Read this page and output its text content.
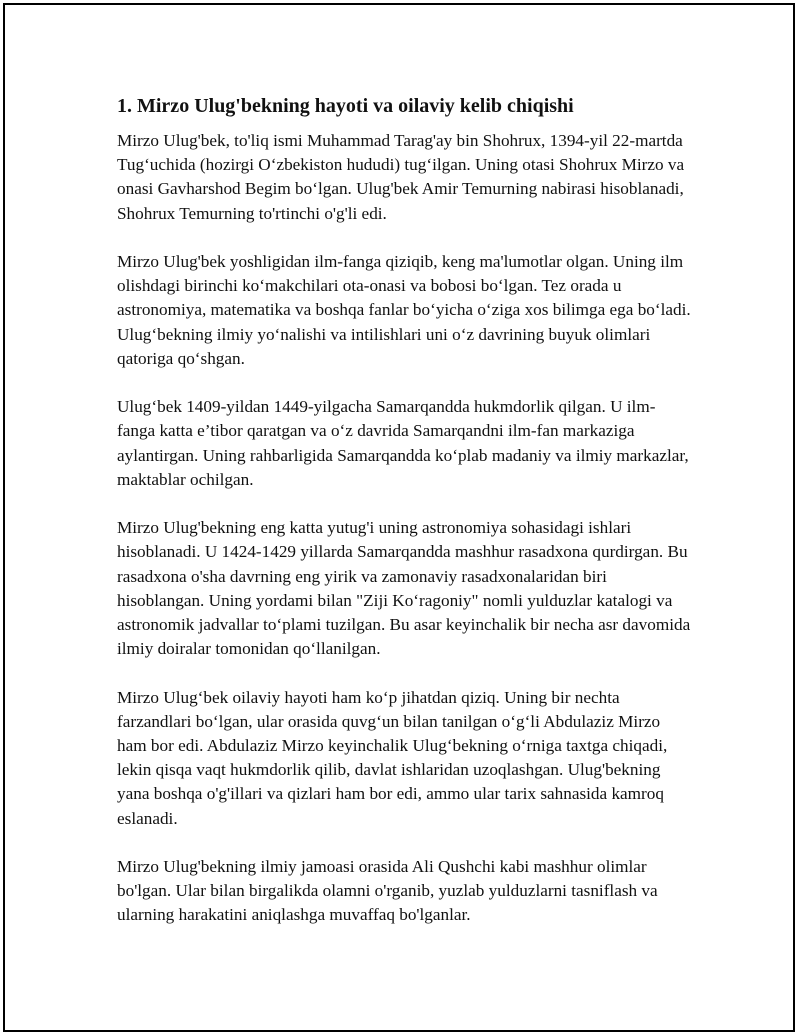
1. Mirzo Ulug'bekning hayoti va oilaviy kelib chiqishi

Mirzo Ulug'bek, to'liq ismi Muhammad Tarag'ay bin Shohrux, 1394-yil 22-martda Tug‘uchida (hozirgi O‘zbekiston hududi) tug‘ilgan. Uning otasi Shohrux Mirzo va onasi Gavharshod Begim bo‘lgan. Ulug'bek Amir Temurning nabirasi hisoblanadi, Shohrux Temurning to'rtinchi o'g'li edi.

Mirzo Ulug'bek yoshligidan ilm-fanga qiziqib, keng ma'lumotlar olgan. Uning ilm olishdagi birinchi ko‘makchilari ota-onasi va bobosi bo‘lgan. Tez orada u astronomiya, matematika va boshqa fanlar bo‘yicha o‘ziga xos bilimga ega bo‘ladi. Ulug‘bekning ilmiy yo‘nalishi va intilishlari uni o‘z davrining buyuk olimlari qatoriga qo‘shgan.

Ulug‘bek 1409-yildan 1449-yilgacha Samarqandda hukmdorlik qilgan. U ilm-fanga katta e’tibor qaratgan va o‘z davrida Samarqandni ilm-fan markaziga aylantirgan. Uning rahbarligida Samarqandda ko‘plab madaniy va ilmiy markazlar, maktablar ochilgan.

Mirzo Ulug'bekning eng katta yutug'i uning astronomiya sohasidagi ishlari hisoblanadi. U 1424-1429 yillarda Samarqandda mashhur rasadxona qurdirgan. Bu rasadxona o'sha davrning eng yirik va zamonaviy rasadxonalaridan biri hisoblangan. Uning yordami bilan "Ziji Ko‘ragoniy" nomli yulduzlar katalogi va astronomik jadvallar to‘plami tuzilgan. Bu asar keyinchalik bir necha asr davomida ilmiy doiralar tomonidan qo‘llanilgan.

Mirzo Ulug‘bek oilaviy hayoti ham ko‘p jihatdan qiziq. Uning bir nechta farzandlari bo‘lgan, ular orasida quvg‘un bilan tanilgan o‘g‘li Abdulaziz Mirzo ham bor edi. Abdulaziz Mirzo keyinchalik Ulug‘bekning o‘rniga taxtga chiqadi, lekin qisqa vaqt hukmdorlik qilib, davlat ishlaridan uzoqlashgan. Ulug'bekning yana boshqa o'g'illari va qizlari ham bor edi, ammo ular tarix sahnasida kamroq eslanadi.

Mirzo Ulug'bekning ilmiy jamoasi orasida Ali Qushchi kabi mashhur olimlar bo'lgan. Ular bilan birgalikda olamni o'rganib, yuzlab yulduzlarni tasniflash va ularning harakatini aniqlashga muvaffaq bo'lganlar.
